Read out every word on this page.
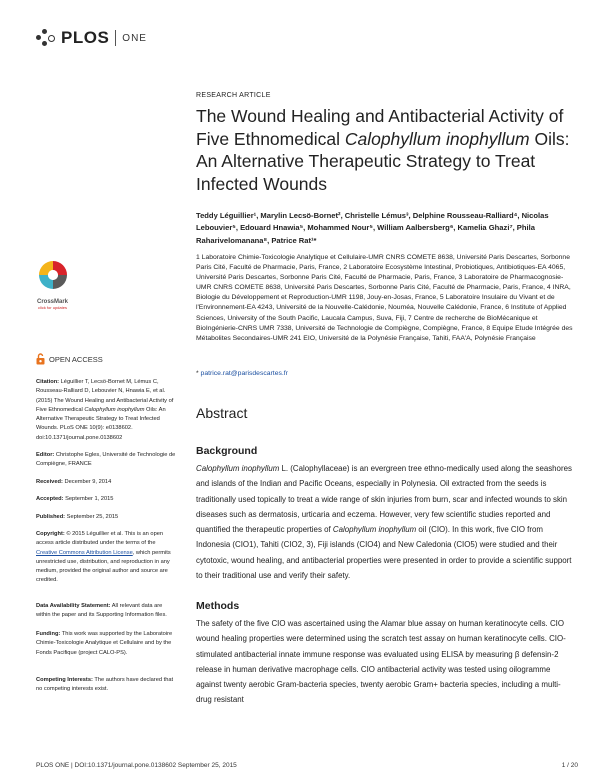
PLOS ONE
RESEARCH ARTICLE
The Wound Healing and Antibacterial Activity of Five Ethnomedical Calophyllum inophyllum Oils: An Alternative Therapeutic Strategy to Treat Infected Wounds
Teddy Léguillier¹, Marylin Lecsö-Bornet², Christelle Lémus³, Delphine Rousseau-Ralliard⁴, Nicolas Lebouvier⁵, Edouard Hnawia⁵, Mohammed Nour⁵, William Aalbersberg⁶, Kamelia Ghazi⁷, Phila Raharivelomanana⁸, Patrice Rat¹*
1 Laboratoire Chimie-Toxicologie Analytique et Cellulaire-UMR CNRS COMETE 8638, Université Paris Descartes, Sorbonne Paris Cité, Faculté de Pharmacie, Paris, France, 2 Laboratoire Ecosystème Intestinal, Probiotiques, Antibiotiques-EA 4065, Université Paris Descartes, Sorbonne Paris Cité, Faculté de Pharmacie, Paris, France, 3 Laboratoire de Pharmacognosie-UMR CNRS COMETE 8638, Université Paris Descartes, Sorbonne Paris Cité, Faculté de Pharmacie, Paris, France, 4 INRA, Biologie du Développement et Reproduction-UMR 1198, Jouy-en-Josas, France, 5 Laboratoire Insulaire du Vivant et de l'Environnement-EA 4243, Université de la Nouvelle-Calédonie, Nouméa, Nouvelle Calédonie, France, 6 Institute of Applied Sciences, University of the South Pacific, Laucala Campus, Suva, Fiji, 7 Centre de recherche de BioMécanique et BioIngénierie-CNRS UMR 7338, Université de Technologie de Compiègne, Compiègne, France, 8 Equipe Etude Intégrée des Métabolites Secondaires-UMR 241 EIO, Université de la Polynésie Française, Tahiti, FAA'A, Polynésie Française
* patrice.rat@parisdescartes.fr
Abstract
Background
Calophyllum inophyllum L. (Calophyllaceae) is an evergreen tree ethno-medically used along the seashores and islands of the Indian and Pacific Oceans, especially in Polynesia. Oil extracted from the seeds is traditionally used topically to treat a wide range of skin injuries from burn, scar and infected wounds to skin diseases such as dermatosis, urticaria and eczema. However, very few scientific studies reported and quantified the therapeutic properties of Calophyllum inophyllum oil (CIO). In this work, five CIO from Indonesia (CIO1), Tahiti (CIO2, 3), Fiji islands (CIO4) and New Caledonia (CIO5) were studied and their cytotoxic, wound healing, and antibacterial properties were presented in order to provide a scientific support to their traditional use and verify their safety.
Methods
The safety of the five CIO was ascertained using the Alamar blue assay on human keratinocyte cells. CIO wound healing properties were determined using the scratch test assay on human keratinocyte cells. CIO-stimulated antibacterial innate immune response was evaluated using ELISA by measuring β defensin-2 release in human derivative macrophage cells. CIO antibacterial activity was tested using oilogramme against twenty aerobic Gram-bacteria species, twenty aerobic Gram+ bacteria species, including a multi-drug resistant
CrossMark
click for updates
OPEN ACCESS
Citation: Léguillier T, Lecsö-Bornet M, Lémus C, Rousseau-Ralliard D, Lebouvier N, Hnawia E, et al. (2015) The Wound Healing and Antibacterial Activity of Five Ethnomedical Calophyllum inophyllum Oils: An Alternative Therapeutic Strategy to Treat Infected Wounds. PLoS ONE 10(9): e0138602. doi:10.1371/journal.pone.0138602
Editor: Christophe Egles, Université de Technologie de Compiègne, FRANCE
Received: December 9, 2014
Accepted: September 1, 2015
Published: September 25, 2015
Copyright: © 2015 Léguillier et al. This is an open access article distributed under the terms of the Creative Commons Attribution License, which permits unrestricted use, distribution, and reproduction in any medium, provided the original author and source are credited.
Data Availability Statement: All relevant data are within the paper and its Supporting Information files.
Funding: This work was supported by the Laboratoire Chimie-Toxicologie Analytique et Cellulaire and by the Fonds Pacifique (project CALO-PS).
Competing Interests: The authors have declared that no competing interests exist.
PLOS ONE | DOI:10.1371/journal.pone.0138602 September 25, 2015	1 / 20
